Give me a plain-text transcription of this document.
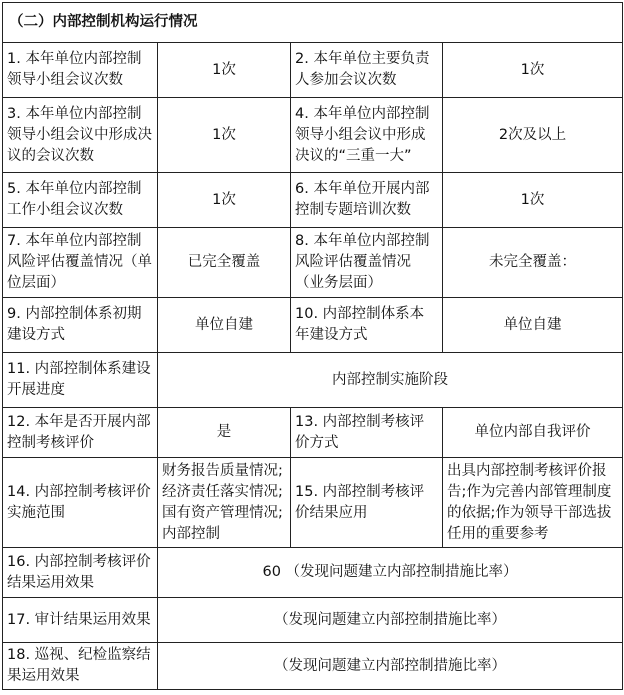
（二）内部控制机构运行情况			
1. 本年单位内部控制领导小组会议次数	1次	2. 本年单位主要负责人参加会议次数	1次
3. 本年单位内部控制领导小组会议中形成决议的会议次数	1次	4. 本年单位内部控制领导小组会议中形成决议的“三重一大”	2次及以上
5. 本年单位内部控制工作小组会议次数	1次	6. 本年单位开展内部控制专题培训次数	1次
7. 本年单位内部控制风险评估覆盖情况（单位层面）	已完全覆盖	8. 本年单位内部控制风险评估覆盖情况（业务层面）	未完全覆盖：
9. 内部控制体系初期建设方式	单位自建	10. 内部控制体系本年建设方式	单位自建
11. 内部控制体系建设开展进度	内部控制实施阶段		
12. 本年是否开展内部控制考核评价	是	13. 内部控制考核评价方式	单位内部自我评价
14. 内部控制考核评价实施范围	财务报告质量情况;经济责任落实情况;国有资产管理情况;内部控制	15. 内部控制考核评价结果应用	出具内部控制考核评价报告;作为完善内部管理制度的依据;作为领导干部选拔任用的重要参考

16. 内部控制考核评价结果运用效果	60 （发现问题建立内部控制措施比率）		
17. 审计结果运用效果	（发现问题建立内部控制措施比率）		
18. 巡视、纪检监察结果运用效果	（发现问题建立内部控制措施比率）		
